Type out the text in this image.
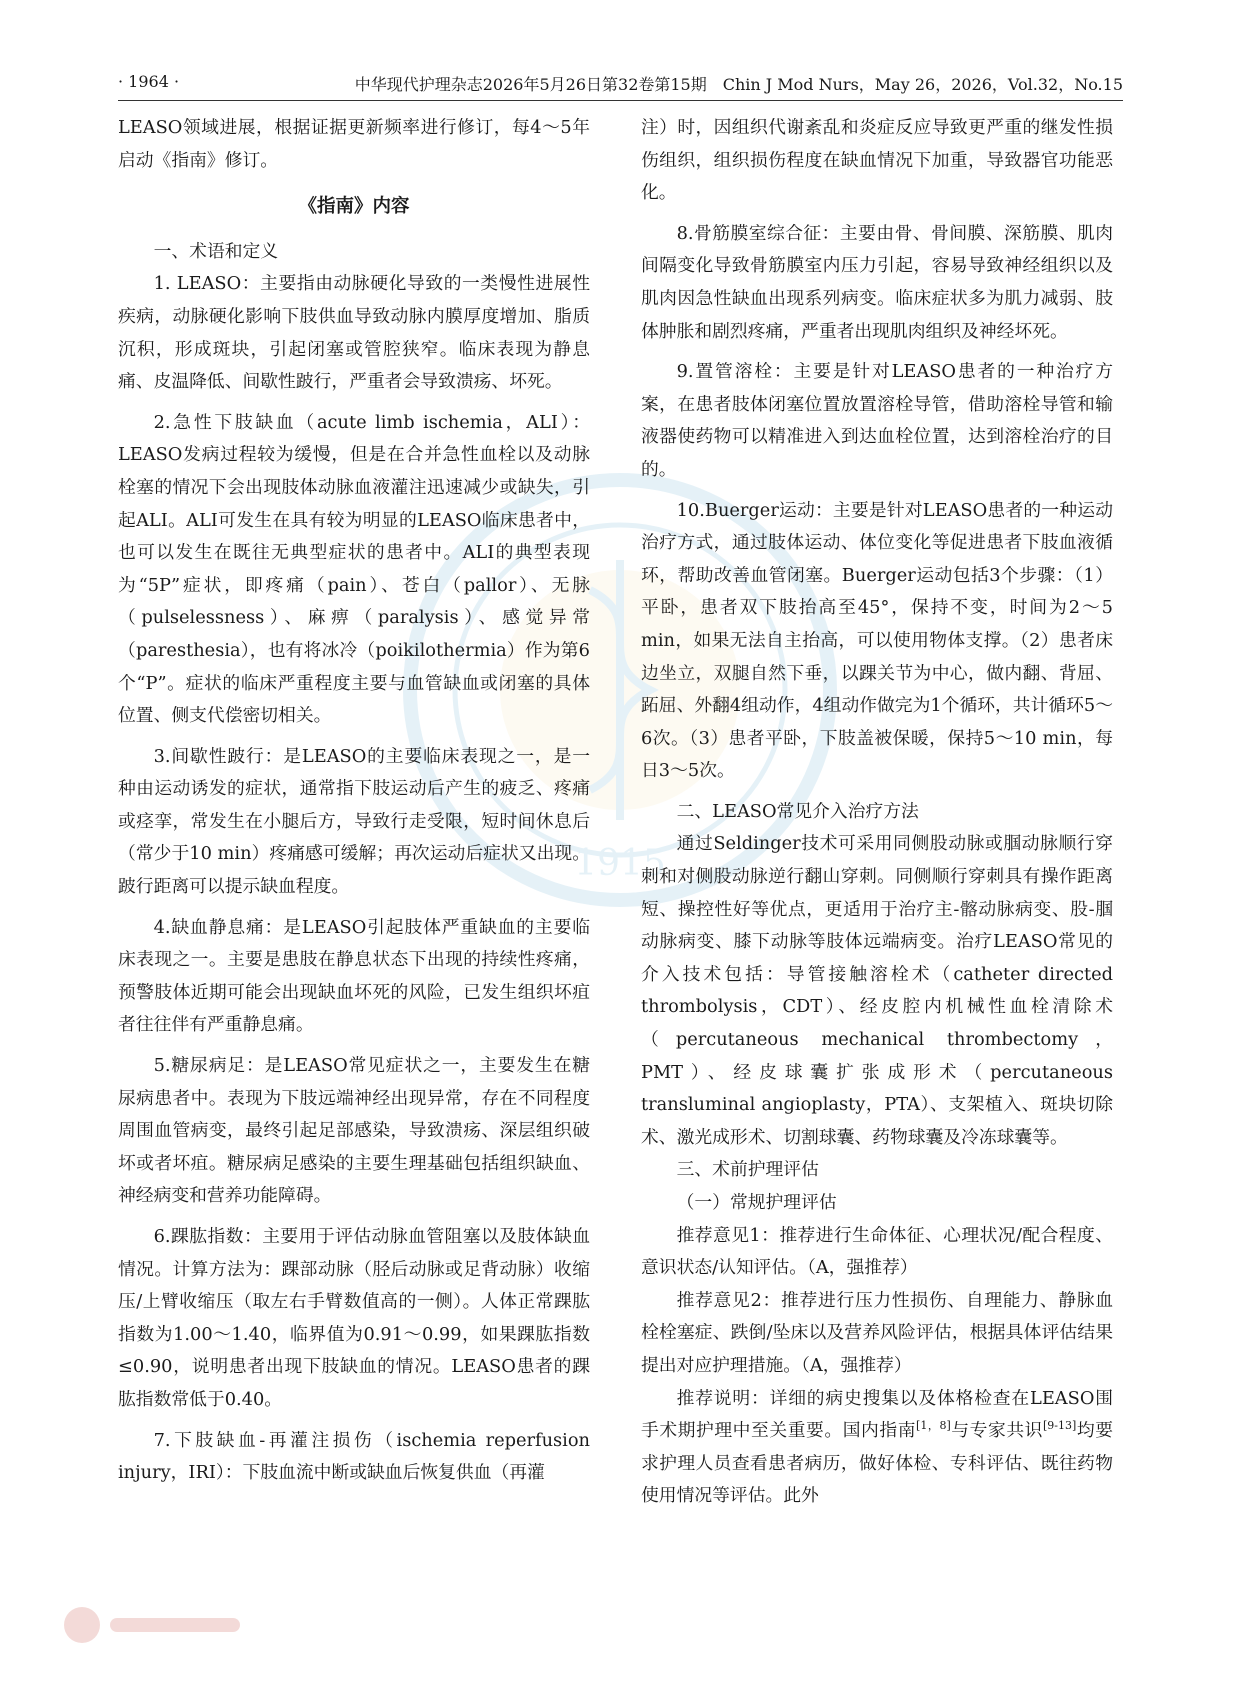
· 1964 ·	中华现代护理杂志2026年5月26日第32卷第15期　Chin J Mod Nurs，May 26，2026，Vol.32，No.15
1915

LEASO领域进展，根据证据更新频率进行修订，每4～5年启动《指南》修订。

《指南》内容

一、术语和定义

1. LEASO：主要指由动脉硬化导致的一类慢性进展性疾病，动脉硬化影响下肢供血导致动脉内膜厚度增加、脂质沉积，形成斑块，引起闭塞或管腔狭窄。临床表现为静息痛、皮温降低、间歇性跛行，严重者会导致溃疡、坏死。

2.急性下肢缺血（acute limb ischemia，ALI）：LEASO发病过程较为缓慢，但是在合并急性血栓以及动脉栓塞的情况下会出现肢体动脉血液灌注迅速减少或缺失，引起ALI。ALI可发生在具有较为明显的LEASO临床患者中，也可以发生在既往无典型症状的患者中。ALI的典型表现为“5P”症状，即疼痛（pain）、苍白（pallor）、无脉（pulselessness）、麻痹（paralysis）、感觉异常（paresthesia），也有将冰冷（poikilothermia）作为第6个“P”。症状的临床严重程度主要与血管缺血或闭塞的具体位置、侧支代偿密切相关。

3.间歇性跛行：是LEASO的主要临床表现之一，是一种由运动诱发的症状，通常指下肢运动后产生的疲乏、疼痛或痉挛，常发生在小腿后方，导致行走受限，短时间休息后（常少于10 min）疼痛感可缓解；再次运动后症状又出现。跛行距离可以提示缺血程度。

4.缺血静息痛：是LEASO引起肢体严重缺血的主要临床表现之一。主要是患肢在静息状态下出现的持续性疼痛，预警肢体近期可能会出现缺血坏死的风险，已发生组织坏疽者往往伴有严重静息痛。

5.糖尿病足：是LEASO常见症状之一，主要发生在糖尿病患者中。表现为下肢远端神经出现异常，存在不同程度周围血管病变，最终引起足部感染，导致溃疡、深层组织破坏或者坏疽。糖尿病足感染的主要生理基础包括组织缺血、神经病变和营养功能障碍。

6.踝肱指数：主要用于评估动脉血管阻塞以及肢体缺血情况。计算方法为：踝部动脉（胫后动脉或足背动脉）收缩压/上臂收缩压（取左右手臂数值高的一侧）。人体正常踝肱指数为1.00～1.40，临界值为0.91～0.99，如果踝肱指数≤0.90，说明患者出现下肢缺血的情况。LEASO患者的踝肱指数常低于0.40。

7.下肢缺血-再灌注损伤（ischemia reperfusion injury，IRI）：下肢血流中断或缺血后恢复供血（再灌

注）时，因组织代谢紊乱和炎症反应导致更严重的继发性损伤组织，组织损伤程度在缺血情况下加重，导致器官功能恶化。

8.骨筋膜室综合征：主要由骨、骨间膜、深筋膜、肌肉间隔变化导致骨筋膜室内压力引起，容易导致神经组织以及肌肉因急性缺血出现系列病变。临床症状多为肌力减弱、肢体肿胀和剧烈疼痛，严重者出现肌肉组织及神经坏死。

9.置管溶栓：主要是针对LEASO患者的一种治疗方案，在患者肢体闭塞位置放置溶栓导管，借助溶栓导管和输液器使药物可以精准进入到达血栓位置，达到溶栓治疗的目的。

10.Buerger运动：主要是针对LEASO患者的一种运动治疗方式，通过肢体运动、体位变化等促进患者下肢血液循环，帮助改善血管闭塞。Buerger运动包括3个步骤：（1）平卧，患者双下肢抬高至45°，保持不变，时间为2～5 min，如果无法自主抬高，可以使用物体支撑。（2）患者床边坐立，双腿自然下垂，以踝关节为中心，做内翻、背屈、跖屈、外翻4组动作，4组动作做完为1个循环，共计循环5～6次。（3）患者平卧，下肢盖被保暖，保持5～10 min，每日3～5次。

二、LEASO常见介入治疗方法

通过Seldinger技术可采用同侧股动脉或腘动脉顺行穿刺和对侧股动脉逆行翻山穿刺。同侧顺行穿刺具有操作距离短、操控性好等优点，更适用于治疗主-髂动脉病变、股-腘动脉病变、膝下动脉等肢体远端病变。治疗LEASO常见的介入技术包括：导管接触溶栓术（catheter directed thrombolysis，CDT）、经皮腔内机械性血栓清除术（percutaneous mechanical thrombectomy，PMT）、经皮球囊扩张成形术（percutaneous transluminal angioplasty，PTA）、支架植入、斑块切除术、激光成形术、切割球囊、药物球囊及冷冻球囊等。

三、术前护理评估

（一）常规护理评估

推荐意见1：推荐进行生命体征、心理状况/配合程度、意识状态/认知评估。（A，强推荐）

推荐意见2：推荐进行压力性损伤、自理能力、静脉血栓栓塞症、跌倒/坠床以及营养风险评估，根据具体评估结果提出对应护理措施。（A，强推荐）

推荐说明：详细的病史搜集以及体格检查在LEASO围手术期护理中至关重要。国内指南[1，8]与专家共识[9-13]均要求护理人员查看患者病历，做好体检、专科评估、既往药物使用情况等评估。此外
